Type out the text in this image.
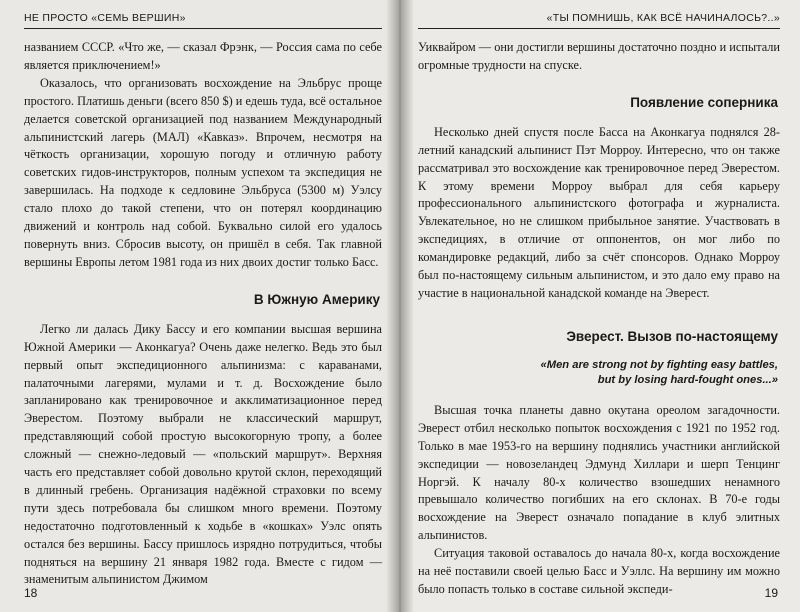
НЕ ПРОСТО «СЕМЬ ВЕРШИН»

названием СССР. «Что же, — сказал Фрэнк, — Россия сама по себе является приключением!»

Оказалось, что организовать восхождение на Эльбрус проще простого. Платишь деньги (всего 850 $) и едешь туда, всё остальное делается советской организацией под названием Международный альпинистский лагерь (МАЛ) «Кавказ». Впрочем, несмотря на чёткость организации, хорошую погоду и отличную работу советских гидов-инструкторов, полным успехом та экспедиция не завершилась. На подходе к седловине Эльбруса (5300 м) Уэлсу стало плохо до такой степени, что он потерял координацию движений и контроль над собой. Буквально силой его удалось повернуть вниз. Сбросив высоту, он пришёл в себя. Так главной вершины Европы летом 1981 года из них двоих достиг только Басс.

В Южную Америку

Легко ли далась Дику Бассу и его компании высшая вершина Южной Америки — Аконкагуа? Очень даже нелегко. Ведь это был первый опыт экспедиционного альпинизма: с караванами, палаточными лагерями, мулами и т. д. Восхождение было запланировано как тренировочное и акклиматизационное перед Эверестом. Поэтому выбрали не классический маршрут, представляющий собой простую высокогорную тропу, а более сложный — снежно-ледовый — «польский маршрут». Верхняя часть его представляет собой довольно крутой склон, переходящий в длинный гребень. Организация надёжной страховки по всему пути здесь потребовала бы слишком много времени. Поэтому недостаточно подготовленный к ходьбе в «кошках» Уэлс опять остался без вершины. Бассу пришлось изрядно потрудиться, чтобы подняться на вершину 21 января 1982 года. Вместе с гидом — знаменитым альпинистом Джимом

18
«ТЫ ПОМНИШЬ, КАК ВСЁ НАЧИНАЛОСЬ?..»

Уиквайром — они достигли вершины достаточно поздно и испытали огромные трудности на спуске.

Появление соперника

Несколько дней спустя после Басса на Аконкагуа поднялся 28-летний канадский альпинист Пэт Морроу. Интересно, что он также рассматривал это восхождение как тренировочное перед Эверестом. К этому времени Морроу выбрал для себя карьеру профессионального альпинистского фотографа и журналиста. Увлекательное, но не слишком прибыльное занятие. Участвовать в экспедициях, в отличие от оппонентов, он мог либо по командировке редакций, либо за счёт спонсоров. Однако Морроу был по-настоящему сильным альпинистом, и это дало ему право на участие в национальной канадской команде на Эверест.

Эверест. Вызов по-настоящему
«Men are strong not by fighting easy battles,
but by losing hard-fought ones...»

Высшая точка планеты давно окутана ореолом загадочности. Эверест отбил несколько попыток восхождения с 1921 по 1952 год. Только в мае 1953-го на вершину поднялись участники английской экспедиции — новозеландец Эдмунд Хиллари и шерп Тенцинг Норгэй. К началу 80-х количество взошедших ненамного превышало количество погибших на его склонах. В 70-е годы восхождение на Эверест означало попадание в клуб элитных альпинистов.

Ситуация таковой оставалось до начала 80-х, когда восхождение на неё поставили своей целью Басс и Уэллс. На вершину им можно было попасть только в составе сильной экспеди-	19
